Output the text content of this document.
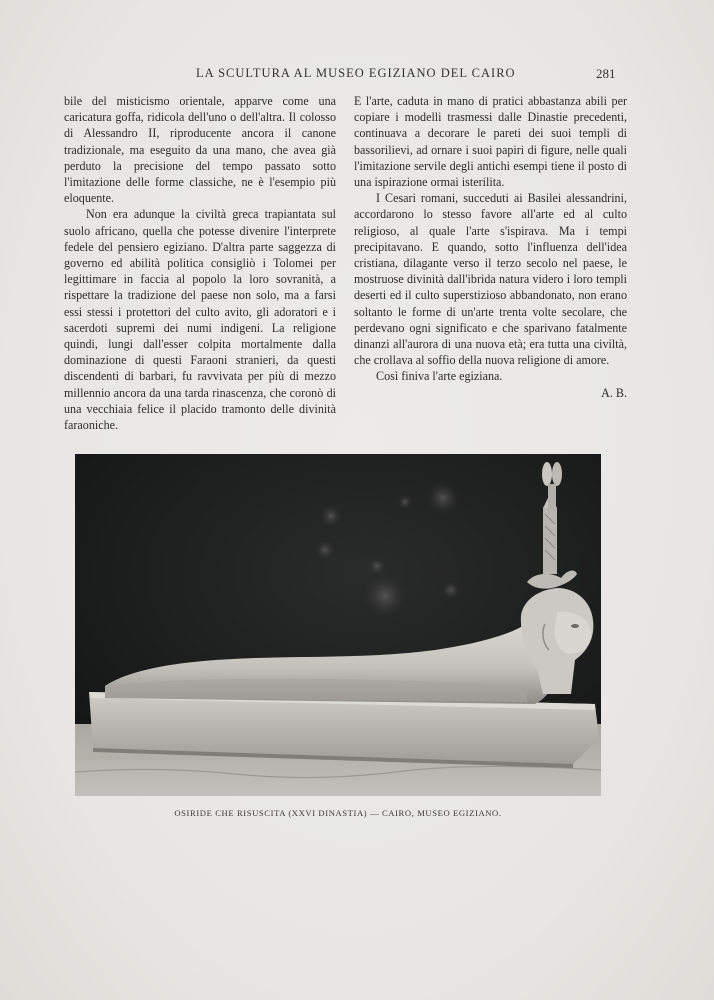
LA SCULTURA AL MUSEO EGIZIANO DEL CAIRO	281

bile del misticismo orientale, apparve come una caricatura goffa, ridicola dell'uno o dell'altra. Il colosso di Alessandro II, riproducente ancora il canone tradizionale, ma eseguito da una mano, che avea già perduto la precisione del tempo passato sotto l'imitazione delle forme classiche, ne è l'esempio più eloquente.

Non era adunque la civiltà greca trapiantata sul suolo africano, quella che potesse divenire l'interprete fedele del pensiero egiziano. D'altra parte saggezza di governo ed abilità politica consigliò i Tolomei per legittimare in faccia al popolo la loro sovranità, a rispettare la tradizione del paese non solo, ma a farsi essi stessi i protettori del culto avito, gli adoratori e i sacerdoti supremi dei numi indigeni. La religione quindi, lungi dall'esser colpita mortalmente dalla dominazione di questi Faraoni stranieri, da questi discendenti di barbari, fu ravvivata per più di mezzo millennio ancora da una tarda rinascenza, che coronò di una vecchiaia felice il placido tramonto delle divinità faraoniche.

E l'arte, caduta in mano di pratici abbastanza abili per copiare i modelli trasmessi dalle Dinastie precedenti, continuava a decorare le pareti dei suoi templi di bassorilievi, ad ornare i suoi papiri di figure, nelle quali l'imitazione servile degli antichi esempi tiene il posto di una ispirazione ormai isterilita.

I Cesari romani, succeduti ai Basilei alessandrini, accordarono lo stesso favore all'arte ed al culto religioso, al quale l'arte s'ispirava. Ma i tempi precipitavano. E quando, sotto l'influenza dell'idea cristiana, dilagante verso il terzo secolo nel paese, le mostruose divinità dall'ibrida natura videro i loro templi deserti ed il culto superstizioso abbandonato, non erano soltanto le forme di un'arte trenta volte secolare, che perdevano ogni significato e che sparivano fatalmente dinanzi all'aurora di una nuova età; era tutta una civiltà, che crollava al soffio della nuova religione di amore.

Così finiva l'arte egiziana.

A. B.

OSIRIDE CHE RISUSCITA (XXVI DINASTIA) — CAIRO, MUSEO EGIZIANO.
